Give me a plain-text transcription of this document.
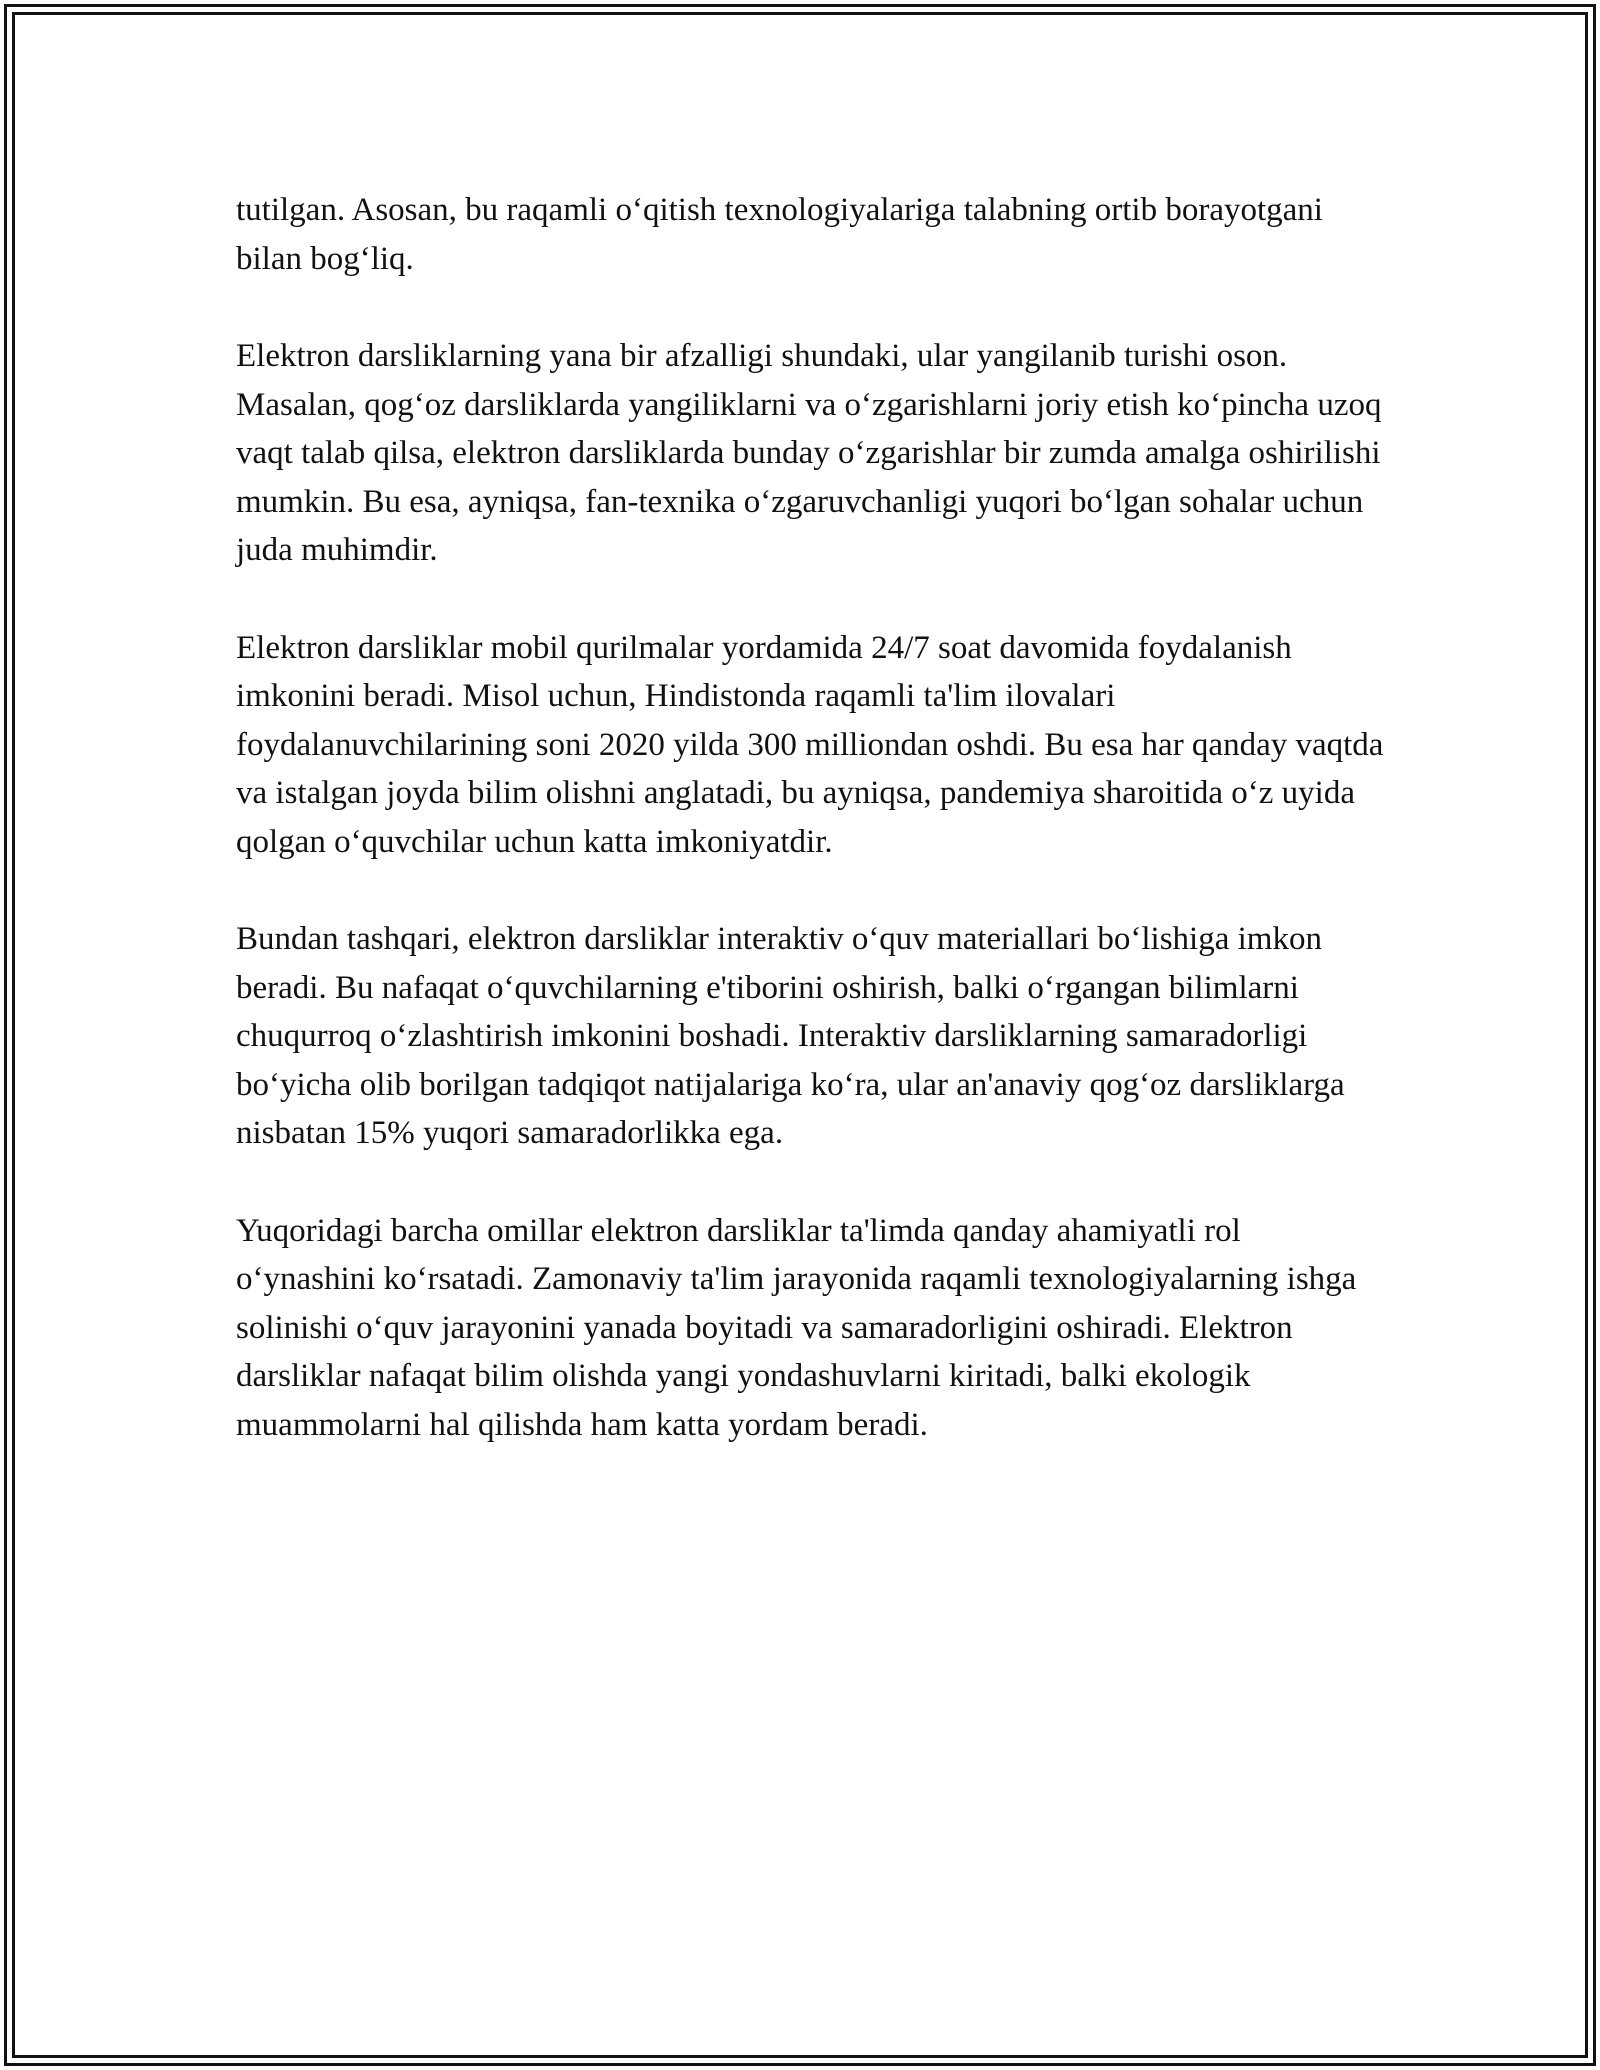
tutilgan. Asosan, bu raqamli o‘qitish texnologiyalariga talabning ortib borayotgani bilan bog‘liq.

Elektron darsliklarning yana bir afzalligi shundaki, ular yangilanib turishi oson. Masalan, qog‘oz darsliklarda yangiliklarni va o‘zgarishlarni joriy etish ko‘pincha uzoq vaqt talab qilsa, elektron darsliklarda bunday o‘zgarishlar bir zumda amalga oshirilishi mumkin. Bu esa, ayniqsa, fan-texnika o‘zgaruvchanligi yuqori bo‘lgan sohalar uchun juda muhimdir.

Elektron darsliklar mobil qurilmalar yordamida 24/7 soat davomida foydalanish imkonini beradi. Misol uchun, Hindistonda raqamli ta'lim ilovalari foydalanuvchilarining soni 2020 yilda 300 milliondan oshdi. Bu esa har qanday vaqtda va istalgan joyda bilim olishni anglatadi, bu ayniqsa, pandemiya sharoitida o‘z uyida qolgan o‘quvchilar uchun katta imkoniyatdir.

Bundan tashqari, elektron darsliklar interaktiv o‘quv materiallari bo‘lishiga imkon beradi. Bu nafaqat o‘quvchilarning e'tiborini oshirish, balki o‘rgangan bilimlarni chuqurroq o‘zlashtirish imkonini boshadi. Interaktiv darsliklarning samaradorligi bo‘yicha olib borilgan tadqiqot natijalariga ko‘ra, ular an'anaviy qog‘oz darsliklarga nisbatan 15% yuqori samaradorlikka ega.

Yuqoridagi barcha omillar elektron darsliklar ta'limda qanday ahamiyatli rol o‘ynashini ko‘rsatadi. Zamonaviy ta'lim jarayonida raqamli texnologiyalarning ishga solinishi o‘quv jarayonini yanada boyitadi va samaradorligini oshiradi. Elektron darsliklar nafaqat bilim olishda yangi yondashuvlarni kiritadi, balki ekologik muammolarni hal qilishda ham katta yordam beradi.
